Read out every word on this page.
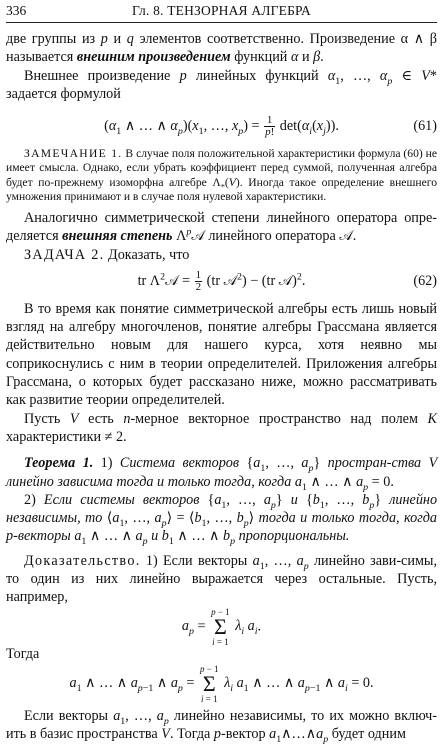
336	Гл. 8. ТЕНЗОРНАЯ АЛГЕБРА

две группы из p и q элементов соответственно. Произведение α ∧ β называется внешним произведением функций α и β.

Внешнее произведение p линейных функций $\alpha_1$, …, $\alpha_p$ ∈ V* задается формулой

($\alpha_1$ ∧ … ∧ $\alpha_p)(x_1$, …, $x_p) = \frac{1}{p!} \det(\alpha_i(x_j))$.	(61)

ЗАМЕЧАНИЕ 1. В случае поля положительной характеристики формула (60) не имеет смысла. Однако, если убрать коэффициент перед суммой, полученная алгебра будет по-прежнему изоморфна алгебре $\Lambda_*(V)$. Иногда такое определение внешнего умножения принимают и в случае поля нулевой характеристики.

Аналогично симметрической степени линейного оператора опре-деляется внешняя степень $\Lambda^p𝒜$ линейного оператора 𝒜.

ЗАДАЧА 2. Доказать, что

tr $\Lambda^2𝒜 = \frac{1}{2} (tr$ 𝒜$^2$) − (tr 𝒜)$^2$.	(62)

В то время как понятие симметрической алгебры есть лишь новый взгляд на алгебру многочленов, понятие алгебры Грассмана является действительно новым для нашего курса, хотя неявно мы соприкоснулись с ним в теории определителей. Приложения алгебры Грассмана, о которых будет рассказано ниже, можно рассматривать как развитие теории определителей.

Пусть V есть n-мерное векторное пространство над полем K характеристики ≠ 2.

Теорема 1. 1) Система векторов {$a_1$, …, $a_p$} простран-ства V линейно зависима тогда и только тогда, когда $a_1$ ∧ … ∧ $a_p = 0$.

2) Если системы векторов {$a_1$, …, $a_p$} и {$b_1$, …, $b_p$} линейно независимы, то $⟨a_1$, …, $a_p⟩$ = $⟨b_1$, …, $b_p⟩$ тогда и только тогда, когда p-векторы $a_1$ ∧ … ∧ $a_p$ и $b_1$ ∧ … ∧ $b_p$ пропорциональны.

Доказательство. 1) Если векторы $a_1$, …, $a_p$ линейно зави-симы, то один из них линейно выражается через остальные. Пусть, например,

$a_p$ =
p − 1
Σ
i = 1
$\lambda_i$ $a_i$.

Тогда

$a_1$ ∧ … ∧ $a_{p-1}$ ∧ $a_p$ =
p − 1
Σ
i = 1
$\lambda_i$ $a_1$ ∧ … ∧ $a_{p-1}$ ∧ $a_i = 0$.

Если векторы $a_1$, …, $a_p$ линейно независимы, то их можно включ-ить в базис пространства V. Тогда p-вектор $a_1\wedge\dots\wedge a_p$ будет одним
